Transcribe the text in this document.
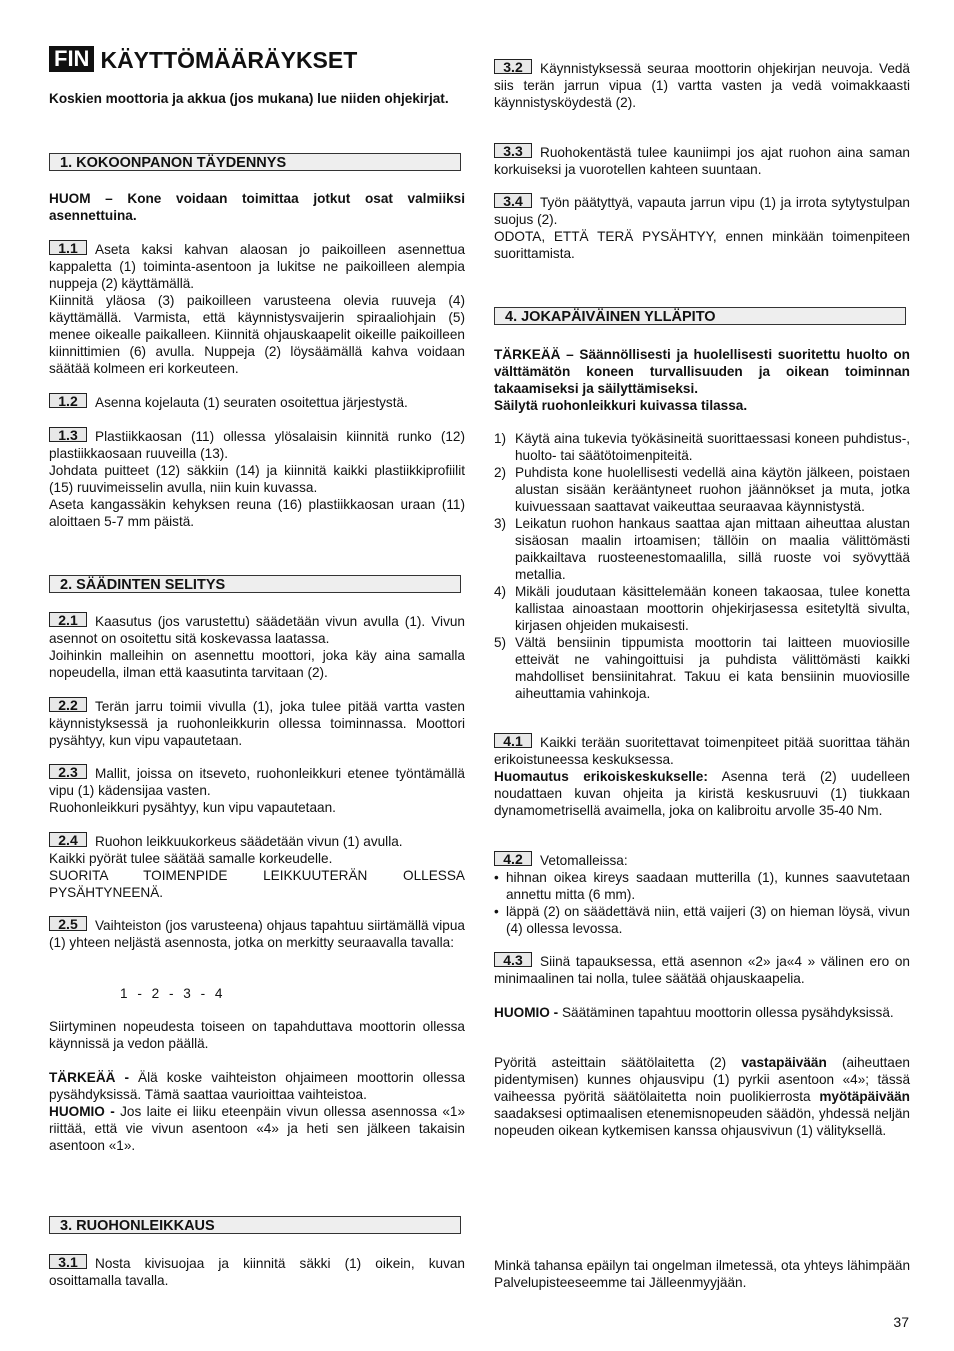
FIN KÄYTTÖMÄÄRÄYKSET

Koskien moottoria ja akkua (jos mukana) lue niiden ohjekirjat.

1. KOKOONPANON TÄYDENNYS

HUOM – Kone voidaan toimittaa jotkut osat valmiiksi asennettuina.

1.1 Aseta kaksi kahvan alaosan jo paikoilleen asennettua kappaletta (1) toiminta-asentoon ja lukitse ne paikoilleen alempia nuppeja (2) käyttämällä.

Kiinnitä yläosa (3) paikoilleen varusteena olevia ruuveja (4) käyttämällä. Varmista, että käynnistysvaijerin spiraaliohjain (5) menee oikealle paikalleen. Kiinnitä ohjauskaapelit oikeille paikoilleen kiinnittimien (6) avulla. Nuppeja (2) löysäämällä kahva voidaan säätää kolmeen eri korkeuteen.

1.2 Asenna kojelauta (1) seuraten osoitettua järjestystä.

1.3 Plastiikkaosan (11) ollessa ylösalaisin kiinnitä runko (12) plastiikkaosaan ruuveilla (13).

Johdata puitteet (12) säkkiin (14) ja kiinnitä kaikki plastiikkiprofiilit (15) ruuvimeisselin avulla, niin kuin kuvassa.

Aseta kangassäkin kehyksen reuna (16) plastiikkaosan uraan (11) aloittaen 5-7 mm päistä.

2. SÄÄDINTEN SELITYS

2.1 Kaasutus (jos varustettu) säädetään vivun avulla (1). Vivun asennot on osoitettu sitä koskevassa laatassa.

Joihinkin malleihin on asennettu moottori, joka käy aina samalla nopeudella, ilman että kaasutinta tarvitaan (2).

2.2 Terän jarru toimii vivulla (1), joka tulee pitää vartta vasten käynnistyksessä ja ruohonleikkurin ollessa toiminnassa. Moottori pysähtyy, kun vipu vapautetaan.

2.3 Mallit, joissa on itseveto, ruohonleikkuri etenee työntämällä vipu (1) kädensijaa vasten.

Ruohonleikkuri pysähtyy, kun vipu vapautetaan.

2.4 Ruohon leikkuukorkeus säädetään vivun (1) avulla.

Kaikki pyörät tulee säätää samalle korkeudelle.

SUORITA TOIMENPIDE LEIKKUUTERÄN OLLESSA PYSÄHTYNEENÄ.

2.5 Vaihteiston (jos varusteena) ohjaus tapahtuu siirtämällä vipua (1) yhteen neljästä asennosta, jotka on merkitty seuraavalla tavalla:

1 - 2 - 3 - 4

Siirtyminen nopeudesta toiseen on tapahduttava moottorin ollessa käynnissä ja vedon päällä.

TÄRKEÄÄ - Älä koske vaihteiston ohjaimeen moottorin ollessa pysähdyksissä. Tämä saattaa vaurioittaa vaihteistoa.

HUOMIO - Jos laite ei liiku eteenpäin vivun ollessa asennossa «1» riittää, että vie vivun asentoon «4» ja heti sen jälkeen takaisin asentoon «1».

3. RUOHONLEIKKAUS

3.1 Nosta kivisuojaa ja kiinnitä säkki (1) oikein, kuvan osoittamalla tavalla.

3.2 Käynnistyksessä seuraa moottorin ohjekirjan neuvoja. Vedä siis terän jarrun vipua (1) vartta vasten ja vedä voimakkaasti käynnistysköydestä (2).

3.3 Ruohokentästä tulee kauniimpi jos ajat ruohon aina saman korkuiseksi ja vuorotellen kahteen suuntaan.

3.4 Työn päätyttyä, vapauta jarrun vipu (1) ja irrota sytytystulpan suojus (2).

ODOTA, ETTÄ TERÄ PYSÄHTYY, ennen minkään toimenpiteen suorittamista.

4. JOKAPÄIVÄINEN YLLÄPITO

TÄRKEÄÄ – Säännöllisesti ja huolellisesti suoritettu huolto on välttämätön koneen turvallisuuden ja oikean toiminnan takaamiseksi ja säilyttämiseksi.

Säilytä ruohonleikkuri kuivassa tilassa.

1) Käytä aina tukevia työkäsineitä suorittaessasi koneen puhdistus-, huolto- tai säätötoimenpiteitä.
2) Puhdista kone huolellisesti vedellä aina käytön jälkeen, poistaen alustan sisään kerääntyneet ruohon jäännökset ja muta, jotka kuivuessaan saattavat vaikeuttaa seuraavaa käynnistystä.
3) Leikatun ruohon hankaus saattaa ajan mittaan aiheuttaa alustan sisäosan maalin irtoamisen; tällöin on maalia välittömästi paikkailtava ruosteenestomaalilla, sillä ruoste voi syövyttää metallia.
4) Mikäli joudutaan käsittelemään koneen takaosaa, tulee konetta kallistaa ainoastaan moottorin ohjekirjasessa esitetyltä sivulta, kirjasen ohjeiden mukaisesti.
5) Vältä bensiinin tippumista moottorin tai laitteen muoviosille etteivät ne vahingoittuisi ja puhdista välittömästi kaikki mahdolliset bensiinitahrat. Takuu ei kata bensiinin muoviosille aiheuttamia vahinkoja.

4.1 Kaikki terään suoritettavat toimenpiteet pitää suorittaa tähän erikoistuneessa keskuksessa.

Huomautus erikoiskeskukselle: Asenna terä (2) uudelleen noudattaen kuvan ohjeita ja kiristä keskusruuvi (1) tiukkaan dynamometrisellä avaimella, joka on kalibroitu arvolle 35-40 Nm.

4.2 Vetomalleissa:

• hihnan oikea kireys saadaan mutterilla (1), kunnes saavutetaan annettu mitta (6 mm).
• läppä (2) on säädettävä niin, että vaijeri (3) on hieman löysä, vivun (4) ollessa levossa.

4.3 Siinä tapauksessa, että asennon «2» ja«4 » välinen ero on minimaalinen tai nolla, tulee säätää ohjauskaapelia.

HUOMIO - Säätäminen tapahtuu moottorin ollessa pysähdyksissä.

Pyöritä asteittain säätölaitetta (2) vastapäivään (aiheuttaen pidentymisen) kunnes ohjausvipu (1) pyrkii asentoon «4»; tässä vaiheessa pyöritä säätölaitetta noin puolikierrosta myötäpäivään saadaksesi optimaalisen etenemisnopeuden säädön, yhdessä neljän nopeuden oikean kytkemisen kanssa ohjausvivun (1) välityksellä.

Minkä tahansa epäilyn tai ongelman ilmetessä, ota yhteys lähimpään Palvelupisteeseemme tai Jälleenmyyjään.

37
